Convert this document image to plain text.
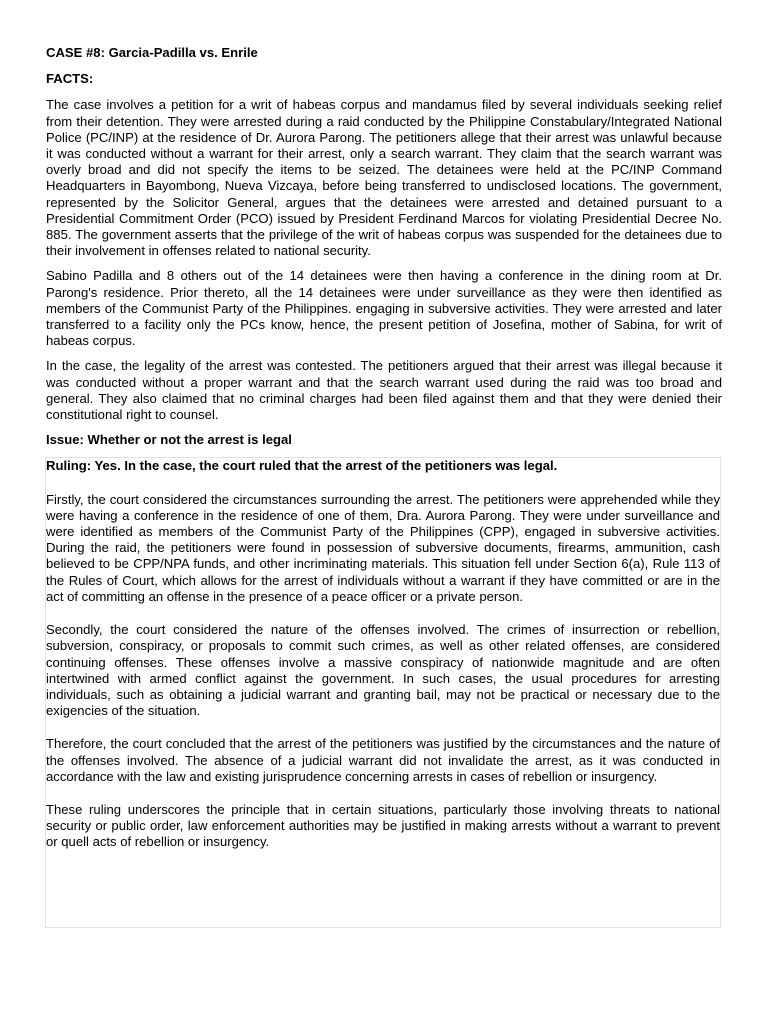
CASE #8: Garcia-Padilla vs. Enrile

FACTS:

The case involves a petition for a writ of habeas corpus and mandamus filed by several individuals seeking relief from their detention. They were arrested during a raid conducted by the Philippine Constabulary/Integrated National Police (PC/INP) at the residence of Dr. Aurora Parong. The petitioners allege that their arrest was unlawful because it was conducted without a warrant for their arrest, only a search warrant. They claim that the search warrant was overly broad and did not specify the items to be seized. The detainees were held at the PC/INP Command Headquarters in Bayombong, Nueva Vizcaya, before being transferred to undisclosed locations. The government, represented by the Solicitor General, argues that the detainees were arrested and detained pursuant to a Presidential Commitment Order (PCO) issued by President Ferdinand Marcos for violating Presidential Decree No. 885. The government asserts that the privilege of the writ of habeas corpus was suspended for the detainees due to their involvement in offenses related to national security.

Sabino Padilla and 8 others out of the 14 detainees were then having a conference in the dining room at Dr. Parong's residence. Prior thereto, all the 14 detainees were under surveillance as they were then identified as members of the Communist Party of the Philippines. engaging in subversive activities. They were arrested and later transferred to a facility only the PCs know, hence, the present petition of Josefina, mother of Sabina, for writ of habeas corpus.

In the case, the legality of the arrest was contested. The petitioners argued that their arrest was illegal because it was conducted without a proper warrant and that the search warrant used during the raid was too broad and general. They also claimed that no criminal charges had been filed against them and that they were denied their constitutional right to counsel.

Issue: Whether or not the arrest is legal

Ruling: Yes. In the case, the court ruled that the arrest of the petitioners was legal.

Firstly, the court considered the circumstances surrounding the arrest. The petitioners were apprehended while they were having a conference in the residence of one of them, Dra. Aurora Parong. They were under surveillance and were identified as members of the Communist Party of the Philippines (CPP), engaged in subversive activities. During the raid, the petitioners were found in possession of subversive documents, firearms, ammunition, cash believed to be CPP/NPA funds, and other incriminating materials. This situation fell under Section 6(a), Rule 113 of the Rules of Court, which allows for the arrest of individuals without a warrant if they have committed or are in the act of committing an offense in the presence of a peace officer or a private person.

Secondly, the court considered the nature of the offenses involved. The crimes of insurrection or rebellion, subversion, conspiracy, or proposals to commit such crimes, as well as other related offenses, are considered continuing offenses. These offenses involve a massive conspiracy of nationwide magnitude and are often intertwined with armed conflict against the government. In such cases, the usual procedures for arresting individuals, such as obtaining a judicial warrant and granting bail, may not be practical or necessary due to the exigencies of the situation.

Therefore, the court concluded that the arrest of the petitioners was justified by the circumstances and the nature of the offenses involved. The absence of a judicial warrant did not invalidate the arrest, as it was conducted in accordance with the law and existing jurisprudence concerning arrests in cases of rebellion or insurgency.

These ruling underscores the principle that in certain situations, particularly those involving threats to national security or public order, law enforcement authorities may be justified in making arrests without a warrant to prevent or quell acts of rebellion or insurgency.
